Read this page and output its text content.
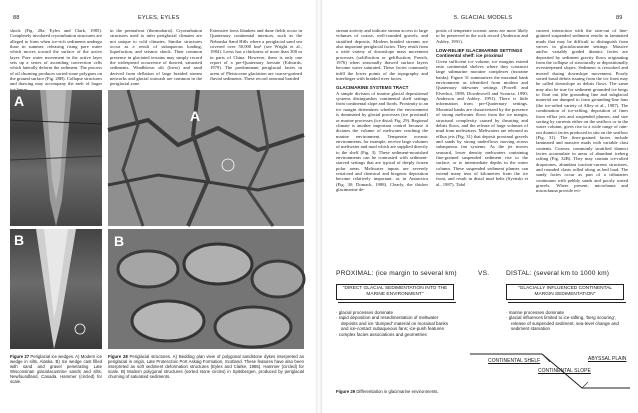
88	EYLES, EYLES

shock (Fig. 28a; Eyles and Clark, 1985). Completely involuted cryoturbation structures are alleged to form when ice-rich sediments undergo thaw in summer, releasing rising pore water which moves toward the surface of the active layer. Pore water movement in the active layer sets up a series of ascending convection cells which laterally deform the sediment. The process of oil churning produces sorted stone polygons on the ground surface (Fig. 28B). Collapse structures and thawing may accompany the melt of larger

in the permafrost (thermokarst). Cryoturbation structures used to infer periglacial climates are not unique to cold climates. Similar structures occur as a result of subaqueous loading, liquefaction, and seismic shock. Their common presence in glaciated terrains may simply record the widespread occurrence of thawed, saturated sediments. Windblown silt (loess) and sand derived from deflation of large braided stream networks and glacial outwash are common in the periglacial zone.

Extensive loess blankets and dune fields occur in Quaternary continental interiors, such as the Nebraska Sand Hills where a periglacial sand sea covered over 50,000 km² (see Wright et al., 1984). Loess has a thickness of more than 300 m in parts of China. However, there is only one report of a pre-Quaternary loessite (Edwards, 1979). The predominant periglacial facies in areas of Pleistocene glaciation are coarse-grained fluvial sediments. These record seasonal braided

A
B
A
B
Figure 27 Periglacial ice wedges. A) Modern ice wedge in silts, Alaska. B) Ice wedge cast filled with sand and gravel penetrating Late Wisconsinan glaciolacustrine sands and silts, Newfoundland, Canada. Hammer (circled) for scale.
Figure 28 Periglacial structures. A) Bedding plan view of polygonal sandstone dykes interpreted as periglacial in origin, Late Proterozoic Port Askaig Formation, Scotland. These features have also been interpreted as soft sediment deformation structures (Eyles and Clarke, 1985). Hammer (circled) for scale. B) Modern polygonal structures (sorted stone circles) in Spitsbergen, produced by periglacial churning of saturated sediments.
5. GLACIAL MODELS	89

stream activity and indicate stream access to large volumes of coarse, well-rounded gravels, and stratified deposits. Modern braided streams are also important periglacial facies. They result from a wide variety of downslope mass movement processes (solifluction or gelifluction; French, 1976) when seasonally thawed surface layers become water saturated. These facies commonly infill the lower points of the topography and interfinger with braided river facies.

GLACIMARINE SYSTEMS TRACT

A simple division of marine glacial depositional systems distinguishes continental shelf settings from continental slope and fiords. Proximity to an ice margin determines whether the environment is dominated by glacial processes (ice proximal) or marine processes (ice distal; Fig. 29). Regional climate is another important control because it dictates the volume of meltwater reaching the marine environment. Temperate oceanic environments, for example, receive large volumes of meltwater and mud which are supplied directly to the shelf (Fig. 3). These sediment-nourished environments can be contrasted with sediment-starved settings that are typical of deeply frozen polar areas. Meltwater inputs are severely restricted and chemical and biogenic deposition become relatively important, as in Antarctica (Fig. 30; Domack, 1988). Clearly, the thicker glacimarine de-

posits of temperate oceanic areas are more likely to be preserved in the rock record (Anderson and Ashley, 1991).

LOW-RELIEF GLACIMARINE SETTINGS

Continental shelf: ice proximal

Given sufficient ice volume, ice margins extend onto continental shelves where they construct large submarine moraine complexes (moraine banks). Figure 31 summarizes the morainal bank environment as identified from modern and Quaternary tidewater settings (Powell and Elverhoi, 1989; Dowdeswell and Scourse, 1990; Anderson and Ashley, 1991). There is little information from pre-Quaternary settings. Morainal banks are characterized by the presence of strong meltwater flows from the ice margin, structural complexity caused by thrusting and debris flows, and the release of large volumes of mud from meltwaters. Meltwaters are released as efflux jets (Fig. 31) that deposit proximal gravels and sands by strong underflows moving across subaqueous fan systems. As the jet moves seaward, lower density meltwaters containing fine-grained suspended sediment rise to the surface, or to intermediate depths in the water column. These suspended sediment plumes can extend many tens of kilometres from the ice front, and result in distal mud belts (Syvitski et al., 1987). Tidal

current interaction with the rain-out of fine-grained suspended sediment results in laminated muds that may be difficult to distinguish from varves in glaciolacustrine settings. Massive and/or variably graded diamict facies are deposited by sediment gravity flows originating from the collapse of structurally or depositionally oversteepened slopes. Sediment is reworked and moved during downslope movement. Poorly sorted basal debris issuing from the ice front may be called downslope as debris flows. The same may also be true for sediment grounded ice bergs to float out (the grounding line and subglacial material are dumped to form grounding-line fans (the ice-rafted variety of Alley et al., 1987). The combination of ice-rafting, deposition of fines from efflux jets and suspended plumes, and size sorting by currents either on the seafloor or in the water column, gives rise to a wide range of rain-out diamict facies produced in situ on the seafloor (Fig. 31). The finer-grained facies include laminated and massive muds with variable clast contents. Coarser, commonly stratified diamict facies accumulate in areas of abundant iceberg rafting (Fig. 32B). They may contain ice-rafted dropstones, abundant traction-current structures, and rounded clasts rolled along as bed load. The sandy facies occur as part of a tributaries continuum with pebbly sands and poorly sorted gravels. Where present, microfauna and macrofauna provide evi-

PROXIMAL: (ice margin to several km)	VS.	DISTAL: (several km to 1000 km)
"DIRECT GLACIAL SEDIMENTATION INTO THE MARINE ENVIRONMENT"
"GLACIALLY INFLUENCED CONTINENTAL MARGIN SEDIMENTATION"
· glacial processes dominate
· rapid deposition and resedimentation of meltwater deposits and ice 'dumped' material on morainal banks and ice-contact subaqueous fans; ice-push features
· complex facies associations and geometries
· marine processes dominate
· glacial influences limited to ice-rafting, 'berg scouring', release of suspended sediment, sea-level change and sediment starvation
CONTINENTAL SHELF	ABYSSAL PLAIN
CONTINENTAL SLOPE
Figure 29 Differentiation in glacimarine environments.
